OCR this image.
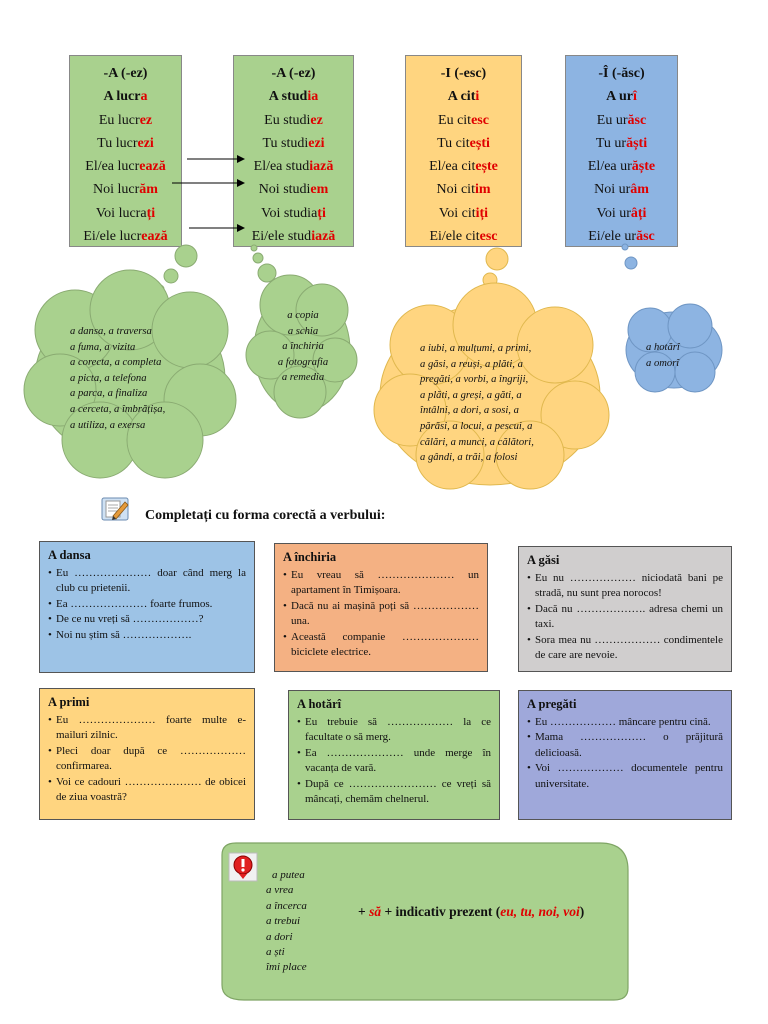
-A (-ez)
A lucra
Eu lucrez
Tu lucrezi
El/ea lucrează
Noi lucrăm
Voi lucrați
Ei/ele lucrează
-A (-ez)
A studia
Eu studiez
Tu studiezi
El/ea studiază
Noi studiem
Voi studiați
Ei/ele studiază
-I (-esc)
A citi
Eu citesc
Tu citești
El/ea citește
Noi citim
Voi citiți
Ei/ele citesc
-Î (-ăsc)
A urî
Eu urăsc
Tu urăști
El/ea urăște
Noi urâm
Voi urâți
Ei/ele urăsc
a dansa, a traversa
a fuma, a vizita
a corecta, a completa
a picta, a telefona
a parca, a finaliza
a cerceta, a îmbrățișa,
a utiliza, a exersa
a copia
a schia
a închiria
a fotografia
a remedia
a iubi, a mulțumi, a primi,
a găsi, a reuși, a plăti, a
pregăti, a vorbi, a îngriji,
a plăti, a greși, a găti, a
întâlni, a dori, a sosi, a
părăsi, a locui, a pescui, a
călări, a munci, a călători,
a gândi, a trăi, a folosi
a hotărî
a omorî
Completați cu forma corectă a verbului:
A dansa
• Eu ………………… doar când merg la club cu prietenii.
• Ea ………………… foarte frumos.
• De ce nu vreți să ………………?
• Noi nu știm să ……………….
A închiria
• Eu vreau să ………………… un apartament în Timișoara.
• Dacă nu ai mașină poți să ……………… una.
• Această companie ………………… biciclete electrice.
A găsi
• Eu nu ……………… niciodată bani pe stradă, nu sunt prea norocos!
• Dacă nu ………………. adresa chemi un taxi.
• Sora mea nu ……………… condimentele de care are nevoie.
A primi
• Eu ………………… foarte multe e-mailuri zilnic.
• Pleci doar după ce ……………… confirmarea.
• Voi ce cadouri ………………… de obicei de ziua voastră?
A hotărî
• Eu trebuie să ……………… la ce facultate o să merg.
• Ea ………………… unde merge în vacanța de vară.
• După ce …………………… ce vreți să mâncați, chemăm chelnerul.
A pregăti
• Eu ……………… mâncare pentru cină.
• Mama ……………… o prăjitură delicioasă.
• Voi ……………… documentele pentru universitate.
a putea
a vrea
a încerca
a trebui
a dori
a ști
îmi place
+ să + indicativ prezent (eu, tu, noi, voi)
